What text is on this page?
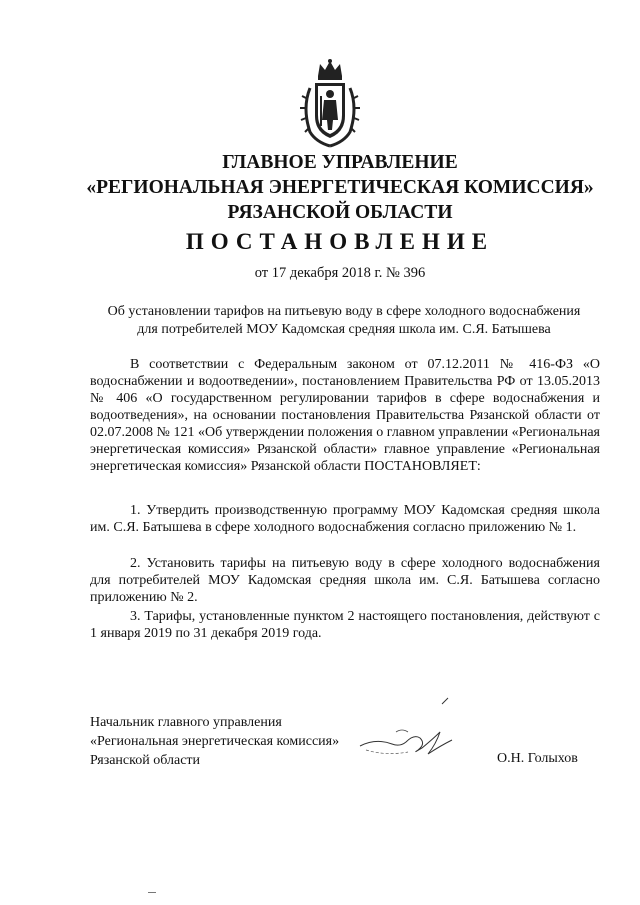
ГЛАВНОЕ УПРАВЛЕНИЕ
«РЕГИОНАЛЬНАЯ ЭНЕРГЕТИЧЕСКАЯ КОМИССИЯ»
РЯЗАНСКОЙ ОБЛАСТИ
ПОСТАНОВЛЕНИЕ
от 17 декабря 2018 г. № 396
Об установлении тарифов на питьевую воду в сфере холодного водоснабжения
для потребителей МОУ Кадомская средняя школа им. С.Я. Батышева

В соответствии с Федеральным законом от 07.12.2011 № 416-ФЗ «О водоснабжении и водоотведении», постановлением Правительства РФ от 13.05.2013 № 406 «О государственном регулировании тарифов в сфере водоснабжения и водоотведения», на основании постановления Правительства Рязанской области от 02.07.2008 № 121 «Об утверждении положения о главном управлении «Региональная энергетическая комиссия» Рязанской области» главное управление «Региональная энергетическая комиссия» Рязанской области ПОСТАНОВЛЯЕТ:

1. Утвердить производственную программу МОУ Кадомская средняя школа им. С.Я. Батышева в сфере холодного водоснабжения согласно приложению № 1.

2. Установить тарифы на питьевую воду в сфере холодного водоснабжения для потребителей МОУ Кадомская средняя школа им. С.Я. Батышева согласно приложению № 2.

3. Тарифы, установленные пунктом 2 настоящего постановления, действуют с 1 января 2019 по 31 декабря 2019 года.

Начальник главного управления
«Региональная энергетическая комиссия»
Рязанской области	О.Н. Голыхов
